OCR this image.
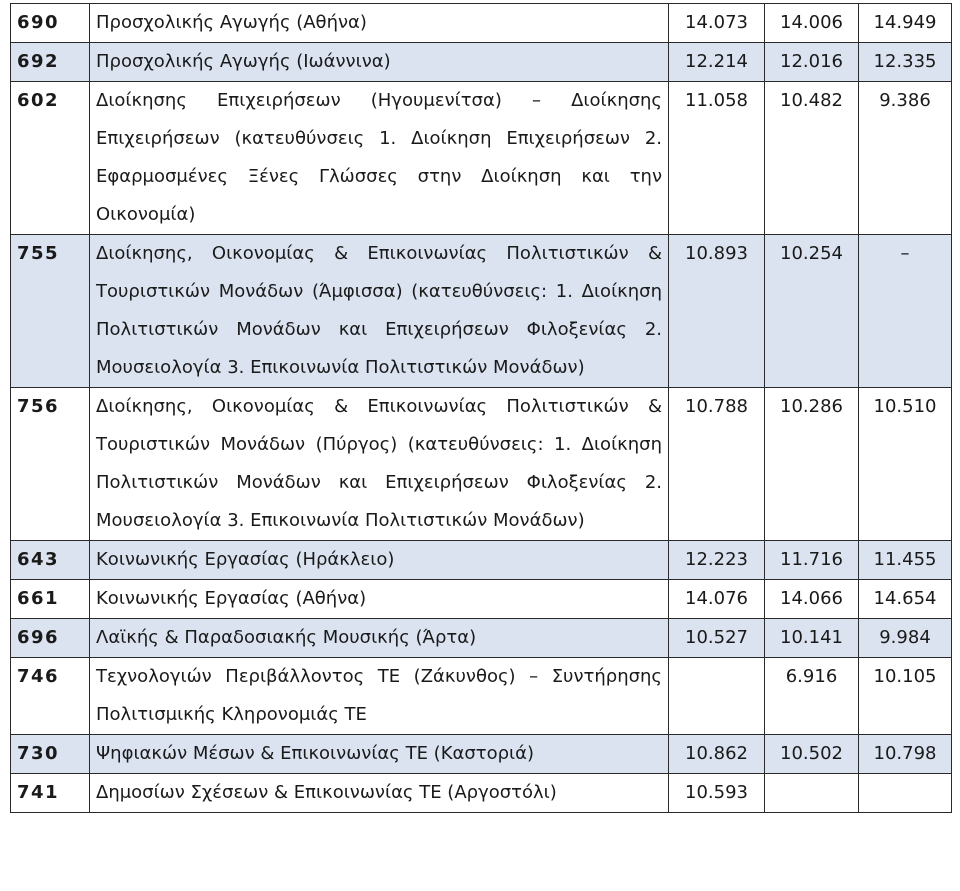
690	Προσχολικής Αγωγής (Αθήνα)	14.073	14.006	14.949
692	Προσχολικής Αγωγής (Ιωάννινα)	12.214	12.016	12.335
602	Διοίκησης Επιχειρήσεων (Ηγουμενίτσα) – Διοίκησης Επιχειρήσεων (κατευθύνσεις 1. Διοίκηση Επιχειρήσεων 2. Εφαρμοσμένες Ξένες Γλώσσες στην Διοίκηση και την Οικονομία)	11.058	10.482	9.386
755	Διοίκησης, Οικονομίας & Επικοινωνίας Πολιτιστικών & Τουριστικών Μονάδων (Άμφισσα) (κατευθύνσεις: 1. Διοίκηση Πολιτιστικών Μονάδων και Επιχειρήσεων Φιλοξενίας 2. Μουσειολογία 3. Επικοινωνία Πολιτιστικών Μονάδων)	10.893	10.254	–
756	Διοίκησης, Οικονομίας & Επικοινωνίας Πολιτιστικών & Τουριστικών Μονάδων (Πύργος) (κατευθύνσεις: 1. Διοίκηση Πολιτιστικών Μονάδων και Επιχειρήσεων Φιλοξενίας 2. Μουσειολογία 3. Επικοινωνία Πολιτιστικών Μονάδων)	10.788	10.286	10.510
643	Κοινωνικής Εργασίας (Ηράκλειο)	12.223	11.716	11.455
661	Κοινωνικής Εργασίας (Αθήνα)	14.076	14.066	14.654
696	Λαϊκής & Παραδοσιακής Μουσικής (Άρτα)	10.527	10.141	9.984
746	Τεχνολογιών Περιβάλλοντος ΤΕ (Ζάκυνθος) – Συντήρησης Πολιτισμικής Κληρονομιάς ΤΕ		6.916	10.105
730	Ψηφιακών Μέσων & Επικοινωνίας ΤΕ (Καστοριά)	10.862	10.502	10.798
741	Δημοσίων Σχέσεων & Επικοινωνίας ΤΕ (Αργοστόλι)	10.593		
